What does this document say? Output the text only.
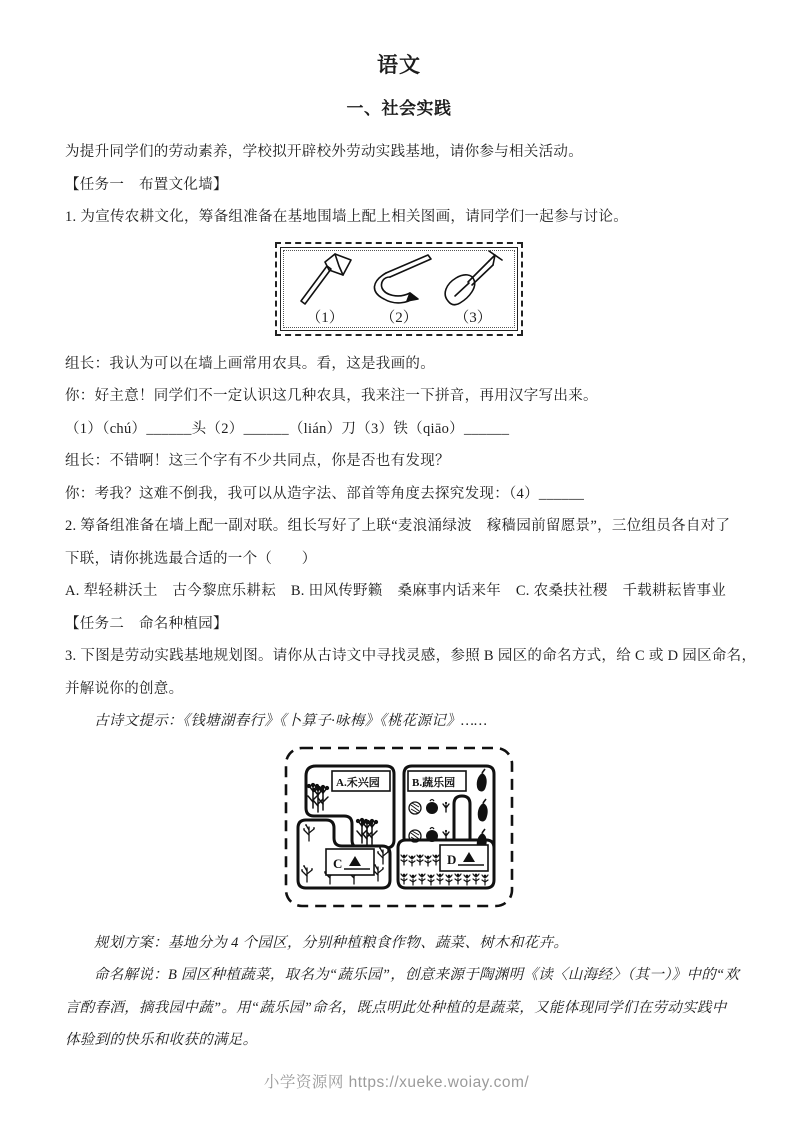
语文
一、社会实践

为提升同学们的劳动素养，学校拟开辟校外劳动实践基地，请你参与相关活动。

【任务一　布置文化墙】

1. 为宣传农耕文化，筹备组准备在基地围墙上配上相关图画，请同学们一起参与讨论。

（1） （2） （3）

组长：我认为可以在墙上画常用农具。看，这是我画的。

你：好主意！同学们不一定认识这几种农具，我来注一下拼音，再用汉字写出来。

（1）（chú）______头（2）______（lián）刀（3）铁（qiāo）______

组长：不错啊！这三个字有不少共同点，你是否也有发现？

你：考我？这难不倒我，我可以从造字法、部首等角度去探究发现：（4）______

2. 筹备组准备在墙上配一副对联。组长写好了上联“麦浪涌绿波　稼穑园前留愿景”，三位组员各自对了

下联，请你挑选最合适的一个（　　）

A. 犁轻耕沃土　古今黎庶乐耕耘　B. 田风传野籁　桑麻事内话来年　C. 农桑扶社稷　千载耕耘皆事业

【任务二　命名种植园】

3. 下图是劳动实践基地规划图。请你从古诗文中寻找灵感，参照 B 园区的命名方式，给 C 或 D 园区命名，

并解说你的创意。

古诗文提示：《钱塘湖春行》《卜算子·咏梅》《桃花源记》……

A.禾兴园	B.蔬乐园
C	D

规划方案：基地分为 4 个园区，分别种植粮食作物、蔬菜、树木和花卉。

命名解说：B 园区种植蔬菜，取名为“蔬乐园”，创意来源于陶渊明《读〈山海经〉（其一）》中的“欢

言酌春酒，摘我园中蔬”。用“蔬乐园”命名，既点明此处种植的是蔬菜，又能体现同学们在劳动实践中

体验到的快乐和收获的满足。

小学资源网 https://xueke.woiay.com/
